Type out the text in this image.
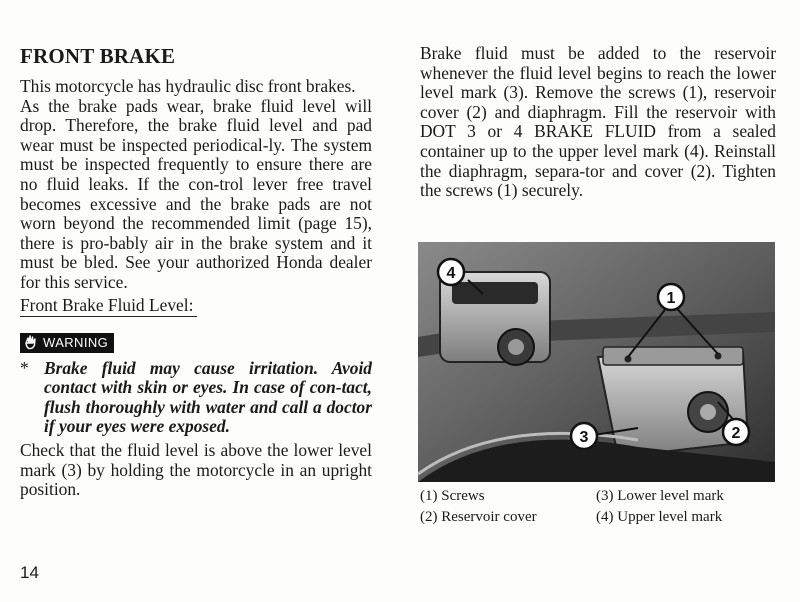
FRONT BRAKE

This motorcycle has hydraulic disc front brakes.

As the brake pads wear, brake fluid level will drop. Therefore, the brake fluid level and pad wear must be inspected periodical-ly. The system must be inspected frequently to ensure there are no fluid leaks. If the con-trol lever free travel becomes excessive and the brake pads are not worn beyond the recommended limit (page 15), there is pro-bably air in the brake system and it must be bled. See your authorized Honda dealer for this service.

Front Brake Fluid Level:
WARNING
* Brake fluid may cause irritation. Avoid contact with skin or eyes. In case of con-tact, flush thoroughly with water and call a doctor if your eyes were exposed.

Check that the fluid level is above the lower level mark (3) by holding the motorcycle in an upright position.

Brake fluid must be added to the reservoir whenever the fluid level begins to reach the lower level mark (3). Remove the screws (1), reservoir cover (2) and diaphragm. Fill the reservoir with DOT 3 or 4 BRAKE FLUID from a sealed container up to the upper level mark (4). Reinstall the diaphragm, separa-tor and cover (2). Tighten the screws (1) securely.

4
1
3	2
(1) Screws	(3) Lower level mark
(2) Reservoir cover	(4) Upper level mark
14
